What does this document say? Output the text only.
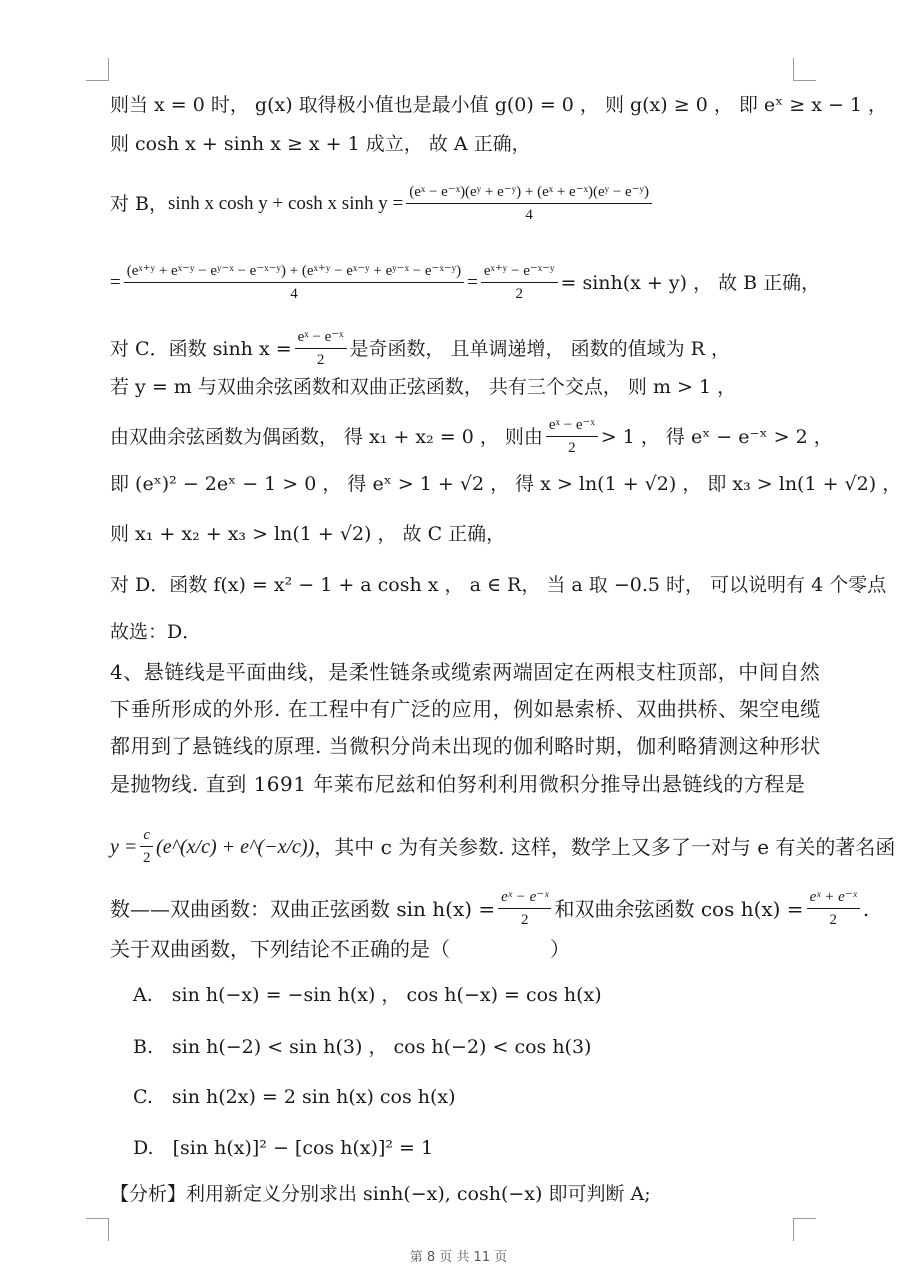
则当 x = 0 时， g(x) 取得极小值也是最小值 g(0) = 0 ， 则 g(x) ≥ 0 ， 即 eˣ ≥ x − 1 ，
则 cosh x + sinh x ≥ x + 1 成立， 故 A 正确，
对 B， sinh x cosh y + cosh x $\sinh y = \frac{\text{(eˣ − e⁻ˣ)(eʸ + e⁻ʸ) + (eˣ + e⁻ˣ)(eʸ − e⁻ʸ)}}{4}$
= $\frac{\text{(eˣ⁺ʸ + eˣ⁻ʸ − eʸ⁻ˣ − e⁻ˣ⁻ʸ) + (eˣ⁺ʸ − eˣ⁻ʸ + eʸ⁻ˣ − e⁻ˣ⁻ʸ)}}{4} = \frac{\text{eˣ⁺ʸ − e⁻ˣ⁻ʸ}}{2} = \sinh(x + y)$ ， 故 B 正确，
对 C．函数 $\sinh x = \frac{\text{eˣ − e⁻ˣ}}{2}$ 是奇函数， 且单调递增， 函数的值域为 R ，
若 y = m 与双曲余弦函数和双曲正弦函数， 共有三个交点， 则 m > 1 ，
由双曲余弦函数为偶函数， 得 x₁ + x₂ = 0 ， 则由 $\frac{\text{eˣ − e⁻ˣ}}{2} > 1$ ， 得 eˣ − e⁻ˣ > 2 ，
即 (eˣ)² − 2eˣ − 1 > 0 ， 得 eˣ > 1 + √2 ， 得 x > ln(1 + √2) ， 即 x₃ > ln(1 + √2) ，
则 x₁ + x₂ + x₃ > ln(1 + √2) ， 故 C 正确，
对 D．函数 f(x) = x² − 1 + a cosh x ， a ∈ R， 当 a 取 −0.5 时， 可以说明有 4 个零点
故选：D．
4、悬链线是平面曲线，是柔性链条或缆索两端固定在两根支柱顶部，中间自然
下垂所形成的外形. 在工程中有广泛的应用，例如悬索桥、双曲拱桥、架空电缆
都用到了悬链线的原理. 当微积分尚未出现的伽利略时期，伽利略猜测这种形状
是抛物线. 直到 1691 年莱布尼兹和伯努利利用微积分推导出悬链线的方程是
$y = \frac{c}{2}$ (e^(x/c) + e^(−x/c)) ，其中 c 为有关参数. 这样，数学上又多了一对与 e 有关的著名函
数——双曲函数：双曲正弦函数 $\sin h(x) = \frac{\text{eˣ − e⁻ˣ}}{2}$ 和双曲余弦函数 $\cos h(x) = \frac{\text{eˣ + e⁻ˣ}}{2}$ .
关于双曲函数，下列结论不正确的是（　　　　　）
A.　sin h(−x) = −sin h(x) ， cos h(−x) = cos h(x)
B.　sin h(−2) < sin h(3) ， cos h(−2) < cos h(3)
C.　sin h(2x) = 2 sin h(x) cos h(x)
D.　[sin h(x)]² − [cos h(x)]² = 1
【分析】利用新定义分别求出 sinh(−x), cosh(−x) 即可判断 A;
第 8 页 共 11 页
